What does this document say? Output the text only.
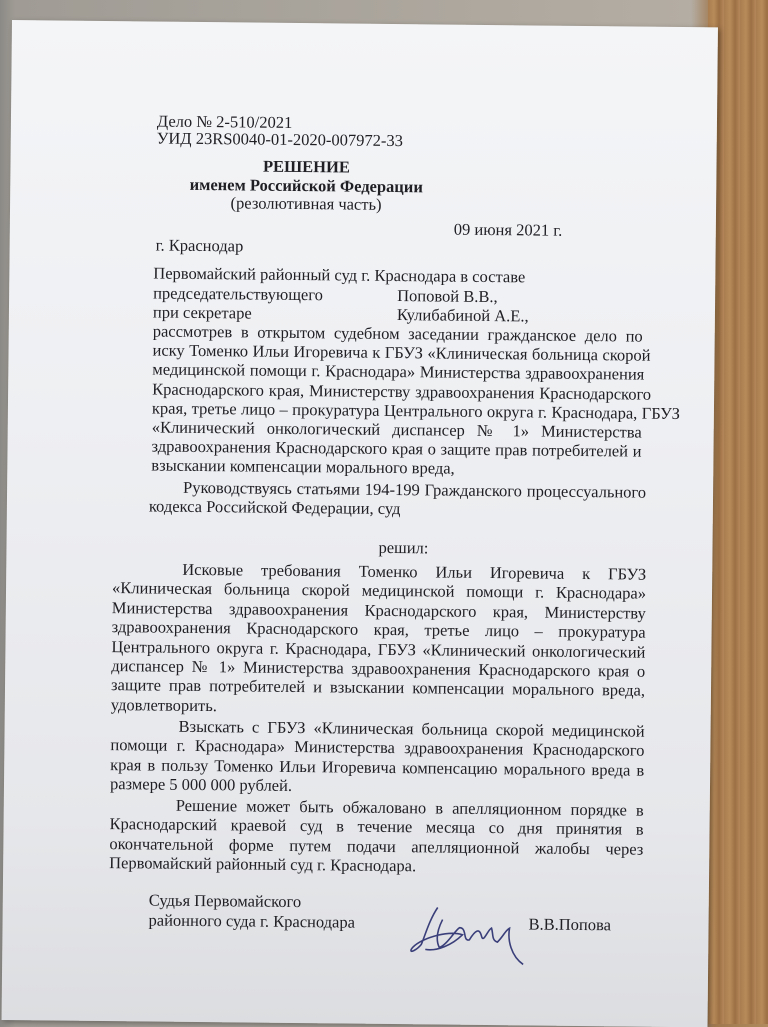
Дело № 2-510/2021
УИД 23RS0040-01-2020-007972-33
РЕШЕНИЕ
именем Российской Федерации
(резолютивная часть)
г. Краснодар
09 июня 2021 г.
Первомайский районный суд г. Краснодара в составе
председательствующего	Поповой В.В.,
при секретаре	Кулибабиной А.Е.,
рассмотрев в открытом судебном заседании гражданское дело по
иску Томенко Ильи Игоревича к ГБУЗ «Клиническая больница скорой
медицинской помощи г. Краснодара» Министерства здравоохранения
Краснодарского края, Министерству здравоохранения Краснодарского
края, третье лицо – прокуратура Центрального округа г. Краснодара, ГБУЗ
«Клинический онкологический диспансер № 1» Министерства
здравоохранения Краснодарского края о защите прав потребителей и
взыскании компенсации морального вреда,
Руководствуясь статьями 194-199 Гражданского процессуального
кодекса Российской Федерации, суд
решил:
Исковые требования Томенко Ильи Игоревича к ГБУЗ
«Клиническая больница скорой медицинской помощи г. Краснодара»
Министерства здравоохранения Краснодарского края, Министерству
здравоохранения Краснодарского края, третье лицо – прокуратура
Центрального округа г. Краснодара, ГБУЗ «Клинический онкологический
диспансер № 1» Министерства здравоохранения Краснодарского края о
защите прав потребителей и взыскании компенсации морального вреда,
удовлетворить.
Взыскать с ГБУЗ «Клиническая больница скорой медицинской
помощи г. Краснодара» Министерства здравоохранения Краснодарского
края в пользу Томенко Ильи Игоревича компенсацию морального вреда в
размере 5 000 000 рублей.
Решение может быть обжаловано в апелляционном порядке в
Краснодарский краевой суд в течение месяца со дня принятия в
окончательной форме путем подачи апелляционной жалобы через
Первомайский районный суд г. Краснодара.
Судья Первомайского
районного суда г. Краснодара	В.В.Попова
